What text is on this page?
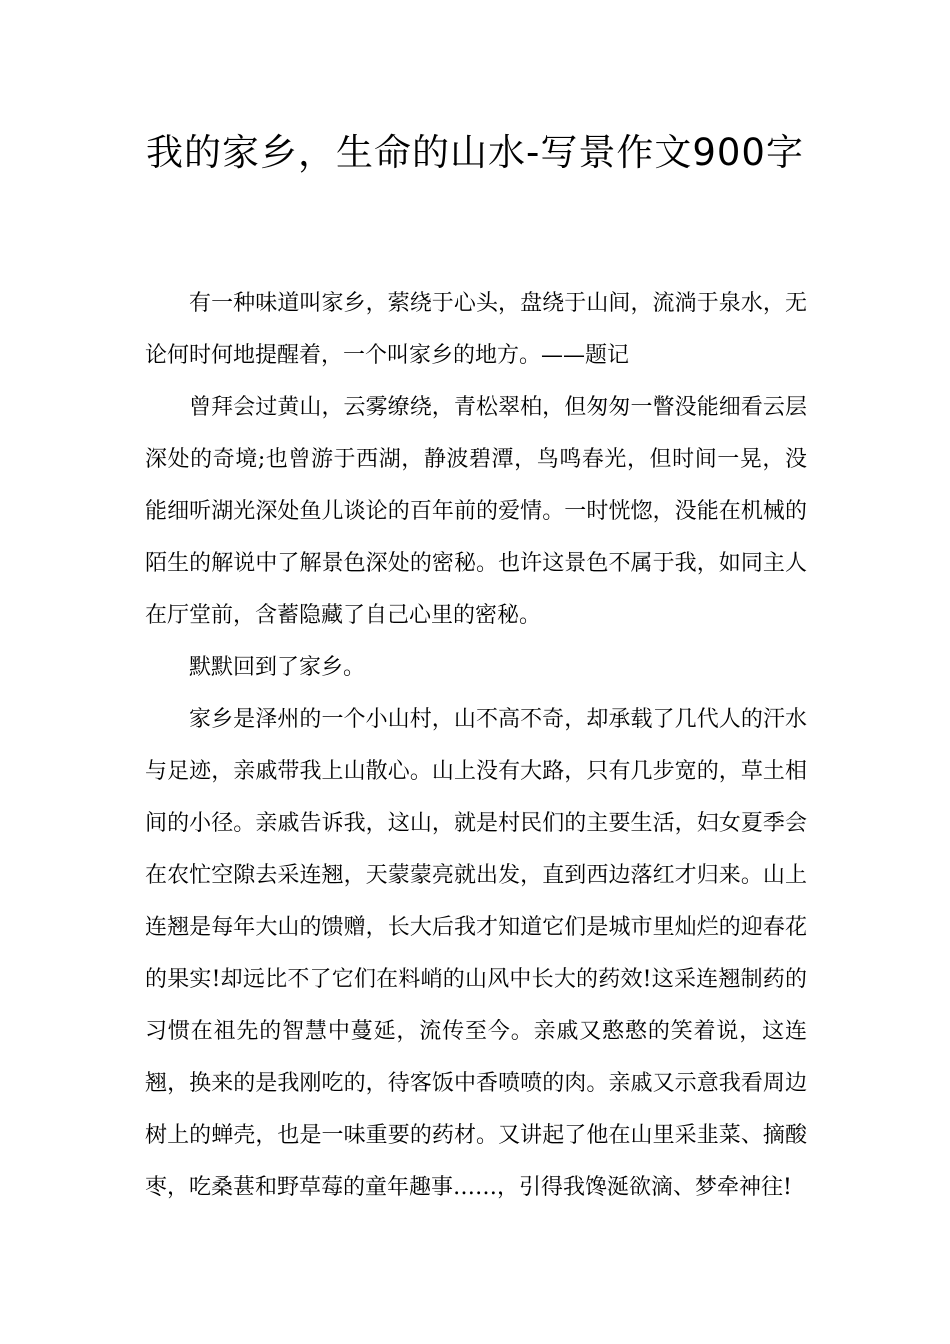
我的家乡，生命的山水-写景作文900字

有一种味道叫家乡，萦绕于心头，盘绕于山间，流淌于泉水，无论何时何地提醒着，一个叫家乡的地方。——题记

曾拜会过黄山，云雾缭绕，青松翠柏，但匆匆一瞥没能细看云层深处的奇境;也曾游于西湖，静波碧潭，鸟鸣春光，但时间一晃，没能细听湖光深处鱼儿谈论的百年前的爱情。一时恍惚，没能在机械的陌生的解说中了解景色深处的密秘。也许这景色不属于我，如同主人在厅堂前，含蓄隐藏了自己心里的密秘。

默默回到了家乡。

家乡是泽州的一个小山村，山不高不奇，却承载了几代人的汗水与足迹，亲戚带我上山散心。山上没有大路，只有几步宽的，草土相间的小径。亲戚告诉我，这山，就是村民们的主要生活，妇女夏季会在农忙空隙去采连翘，天蒙蒙亮就出发，直到西边落红才归来。山上连翘是每年大山的馈赠，长大后我才知道它们是城市里灿烂的迎春花的果实!却远比不了它们在料峭的山风中长大的药效!这采连翘制药的习惯在祖先的智慧中蔓延，流传至今。亲戚又憨憨的笑着说，这连翘，换来的是我刚吃的，待客饭中香喷喷的肉。亲戚又示意我看周边树上的蝉壳，也是一味重要的药材。又讲起了他在山里采韭菜、摘酸枣，吃桑葚和野草莓的童年趣事……，引得我馋涎欲滴、梦牵神往!
